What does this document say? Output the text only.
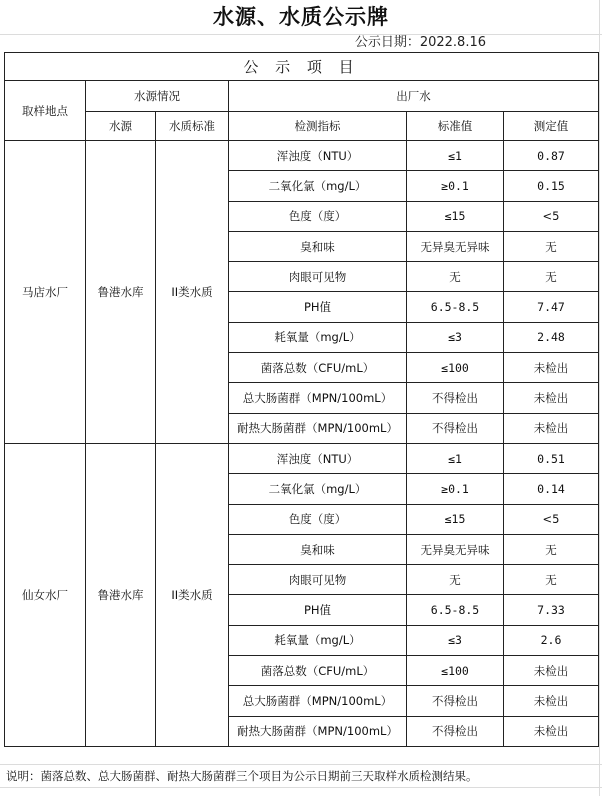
水源、水质公示牌
公示日期：2022.8.16
公 示 项 目					
取样地点	水源情况		出厂水		
	水源	水质标准	检测指标	标准值	测定值
马店水厂	鲁港水库	II类水质	浑浊度（NTU）	≤1	0.87
			二氧化氯（mg/L）	≥0.1	0.15
			色度（度）	≤15	<5
			臭和味	无异臭无异味	无
			肉眼可见物	无	无
			PH值	6.5-8.5	7.47
			耗氧量（mg/L）	≤3	2.48
			菌落总数（CFU/mL）	≤100	未检出
			总大肠菌群（MPN/100mL）	不得检出	未检出
			耐热大肠菌群（MPN/100mL）	不得检出	未检出
仙女水厂	鲁港水库	II类水质	浑浊度（NTU）	≤1	0.51
			二氧化氯（mg/L）	≥0.1	0.14
			色度（度）	≤15	<5
			臭和味	无异臭无异味	无
			肉眼可见物	无	无
			PH值	6.5-8.5	7.33
			耗氧量（mg/L）	≤3	2.6
			菌落总数（CFU/mL）	≤100	未检出
			总大肠菌群（MPN/100mL）	不得检出	未检出
			耐热大肠菌群（MPN/100mL）	不得检出	未检出
说明：菌落总数、总大肠菌群、耐热大肠菌群三个项目为公示日期前三天取样水质检测结果。
